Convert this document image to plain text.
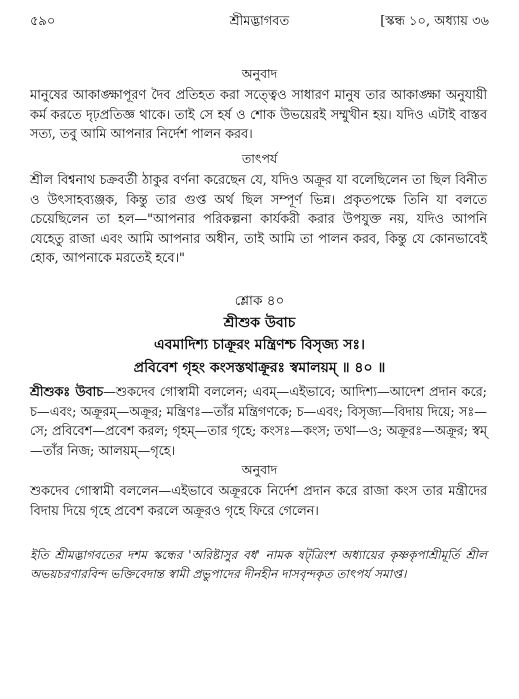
৫৯০	শ্রীমদ্ভাগবত	[স্কন্ধ ১০, অধ্যায় ৩৬
অনুবাদ
মানুষের আকাঙ্ক্ষাপূরণ দৈব প্রতিহত করা সত্ত্বেও সাধারণ মানুষ তার আকাঙ্ক্ষা অনুযায়ী কর্ম করতে দৃঢ়প্রতিজ্ঞ থাকে। তাই সে হর্ষ ও শোক উভয়েরই সম্মুখীন হয়। যদিও এটাই বাস্তব সত্য, তবু আমি আপনার নির্দেশ পালন করব।
তাৎপর্য
শ্রীল বিশ্বনাথ চক্রবর্তী ঠাকুর বর্ণনা করেছেন যে, যদিও অক্রূর যা বলেছিলেন তা ছিল বিনীত ও উৎসাহব্যঞ্জক, কিন্তু তার গুপ্ত অর্থ ছিল সম্পূর্ণ ভিন্ন। প্রকৃতপক্ষে তিনি যা বলতে চেয়েছিলেন তা হল—"আপনার পরিকল্পনা কার্যকরী করার উপযুক্ত নয়, যদিও আপনি যেহেতু রাজা এবং আমি আপনার অধীন, তাই আমি তা পালন করব, কিন্তু যে কোনভাবেই হোক, আপনাকে মরতেই হবে।"
শ্লোক ৪০
শ্রীশুক উবাচ
এবমাদিশ্য চাক্রূরং মন্ত্রিণশ্চ বিসৃজ্য সঃ।
প্রবিবেশ গৃহং কংসস্তথাক্রূরঃ স্বমালয়ম্ ॥ ৪০ ॥
শ্রীশুকঃ উবাচ—শুকদেব গোস্বামী বললেন; এবম্—এইভাবে; আদিশ্য—আদেশ প্রদান করে; চ—এবং; অক্রূরম্—অক্রূর; মন্ত্রিণঃ—তাঁর মন্ত্রিগণকে; চ—এবং; বিসৃজ্য—বিদায় দিয়ে; সঃ—সে; প্রবিবেশ—প্রবেশ করল; গৃহম্—তার গৃহে; কংসঃ—কংস; তথা—ও; অক্রূরঃ—অক্রূর; স্বম্—তাঁর নিজ; আলয়ম্—গৃহে।
অনুবাদ
শুকদেব গোস্বামী বললেন—এইভাবে অক্রূরকে নির্দেশ প্রদান করে রাজা কংস তার মন্ত্রীদের বিদায় দিয়ে গৃহে প্রবেশ করলে অক্রূরও গৃহে ফিরে গেলেন।
ইতি শ্রীমদ্ভাগবতের দশম স্কন্ধের 'অরিষ্টাসুর বধ' নামক ষট্‌ত্রিংশ অধ্যায়ের কৃষ্ণকৃপাশ্রীমূর্তি শ্রীল অভয়চরণারবিন্দ ভক্তিবেদান্ত স্বামী প্রভুপাদের দীনহীন দাসবৃন্দকৃত তাৎপর্য সমাপ্ত।
